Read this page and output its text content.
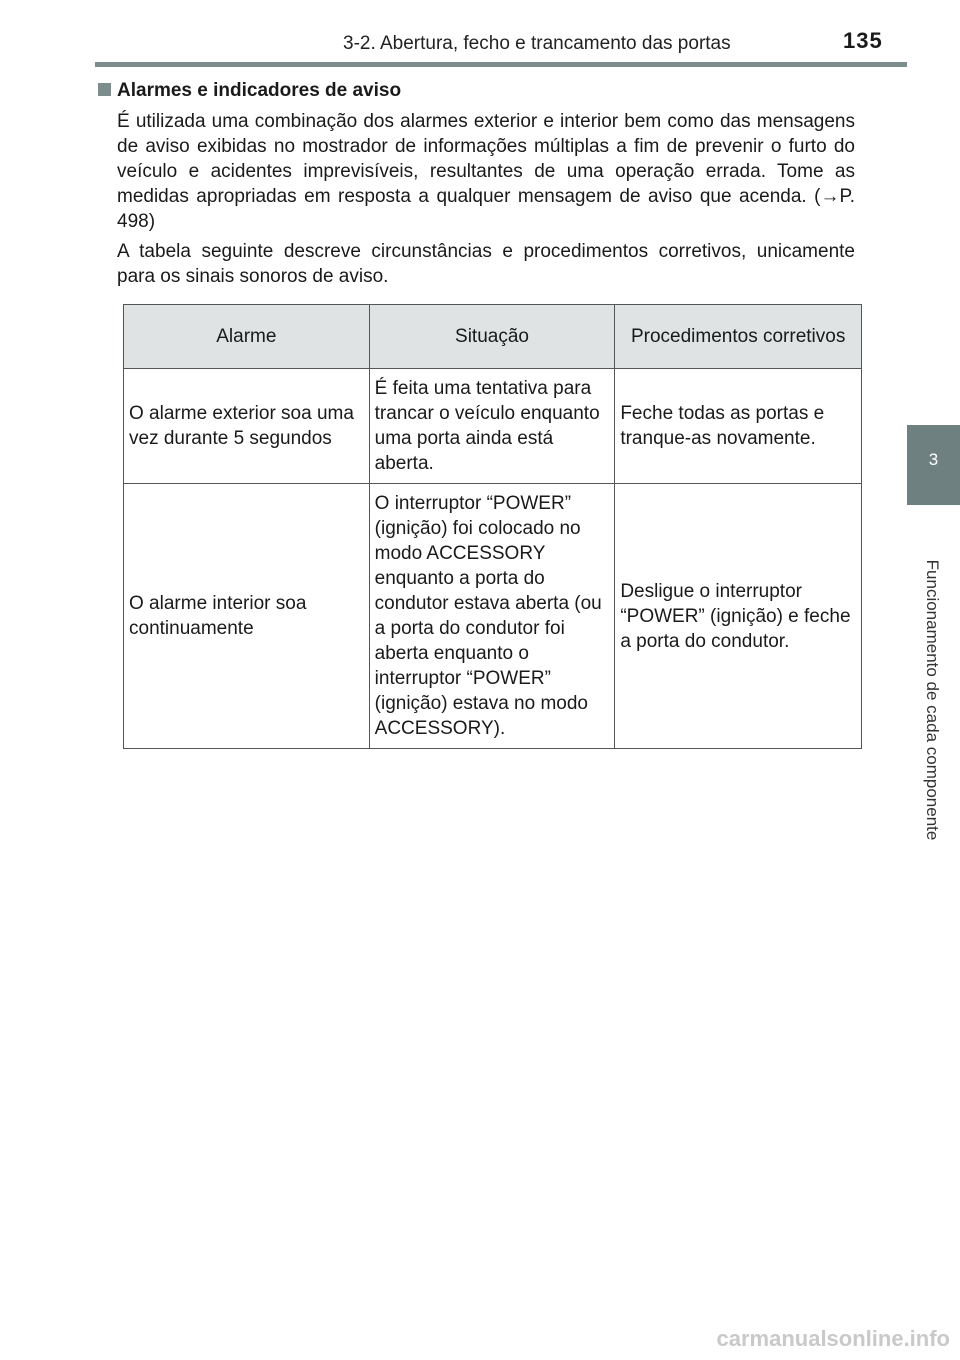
3-2. Abertura, fecho e trancamento das portas	135
3
Funcionamento de cada componente
Alarmes e indicadores de aviso

É utilizada uma combinação dos alarmes exterior e interior bem como das mensagens de aviso exibidas no mostrador de informações múltiplas a fim de prevenir o furto do veículo e acidentes imprevisíveis, resultantes de uma operação errada. Tome as medidas apropriadas em resposta a qualquer mensagem de aviso que acenda. (→P. 498)

A tabela seguinte descreve circunstâncias e procedimentos corretivos, unicamente para os sinais sonoros de aviso.

Alarme	Situação	Procedimentos corretivos
O alarme exterior soa uma vez durante 5 segundos	É feita uma tentativa para trancar o veículo enquanto uma porta ainda está aberta.	Feche todas as portas e tranque-as novamente.
O alarme interior soa continuamente	O interruptor “POWER” (ignição) foi colocado no modo ACCESSORY enquanto a porta do condutor estava aberta (ou a porta do condutor foi aberta enquanto o interruptor “POWER” (ignição) estava no modo ACCESSORY).	Desligue o interruptor “POWER” (ignição) e feche a porta do condutor.
carmanualsonline.info
